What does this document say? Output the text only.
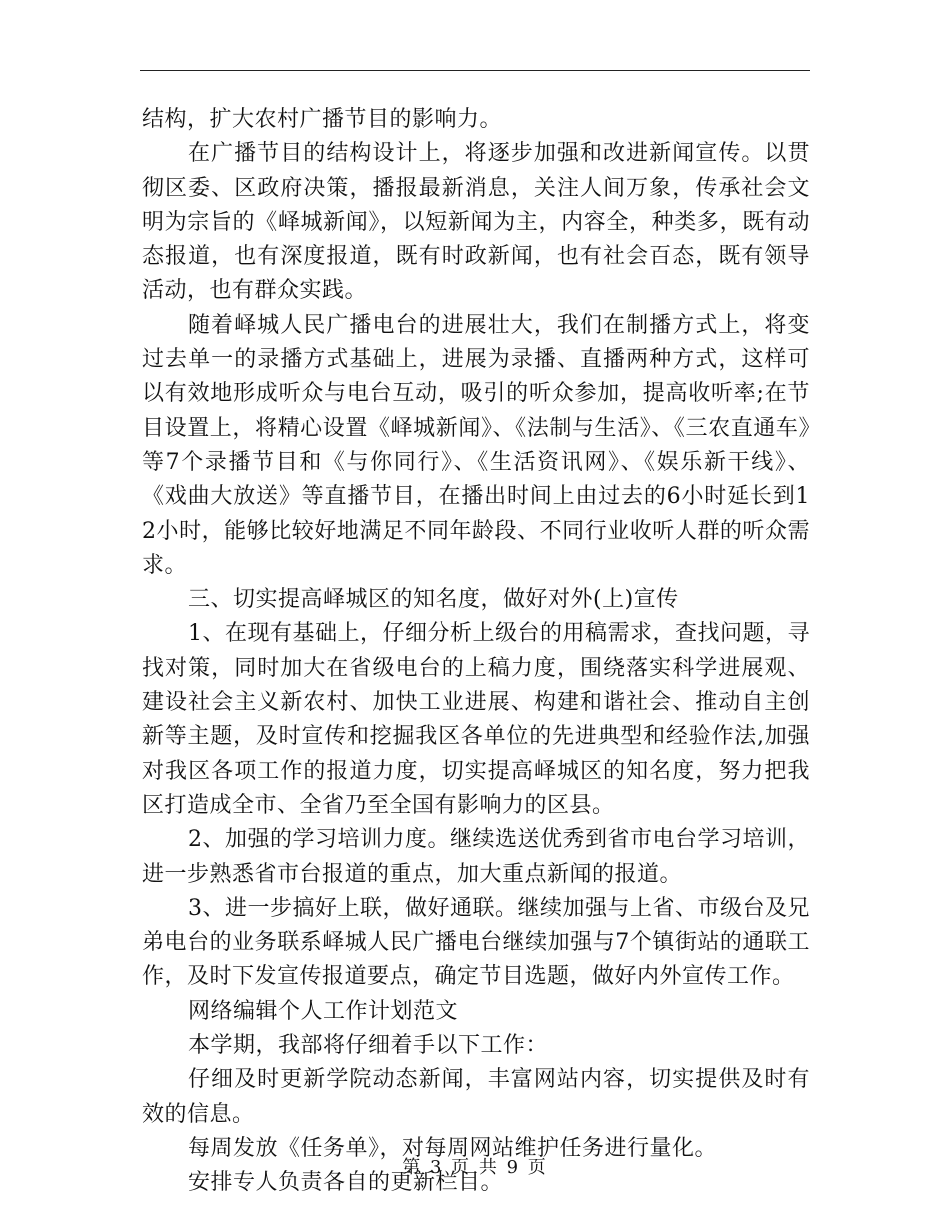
结构，扩大农村广播节目的影响力。

在广播节目的结构设计上，将逐步加强和改进新闻宣传。以贯彻区委、区政府决策，播报最新消息，关注人间万象，传承社会文明为宗旨的《峄城新闻》，以短新闻为主，内容全，种类多，既有动态报道，也有深度报道，既有时政新闻，也有社会百态，既有领导活动，也有群众实践。

随着峄城人民广播电台的进展壮大，我们在制播方式上，将变过去单一的录播方式基础上，进展为录播、直播两种方式，这样可以有效地形成听众与电台互动，吸引的听众参加，提高收听率;在节目设置上，将精心设置《峄城新闻》、《法制与生活》、《三农直通车》等7个录播节目和《与你同行》、《生活资讯网》、《娱乐新干线》、《戏曲大放送》等直播节目，在播出时间上由过去的6小时延长到12小时，能够比较好地满足不同年龄段、不同行业收听人群的听众需求。

三、切实提高峄城区的知名度，做好对外(上)宣传

1、在现有基础上，仔细分析上级台的用稿需求，查找问题，寻找对策，同时加大在省级电台的上稿力度，围绕落实科学进展观、建设社会主义新农村、加快工业进展、构建和谐社会、推动自主创新等主题，及时宣传和挖掘我区各单位的先进典型和经验作法,加强对我区各项工作的报道力度，切实提高峄城区的知名度，努力把我区打造成全市、全省乃至全国有影响力的区县。

2、加强的学习培训力度。继续选送优秀到省市电台学习培训，进一步熟悉省市台报道的重点，加大重点新闻的报道。

3、进一步搞好上联，做好通联。继续加强与上省、市级台及兄弟电台的业务联系峄城人民广播电台继续加强与7个镇街站的通联工作，及时下发宣传报道要点，确定节目选题，做好内外宣传工作。

网络编辑个人工作计划范文

本学期，我部将仔细着手以下工作：

仔细及时更新学院动态新闻，丰富网站内容，切实提供及时有效的信息。

每周发放《任务单》，对每周网站维护任务进行量化。

安排专人负责各自的更新栏目。

第 3 页 共 9 页
